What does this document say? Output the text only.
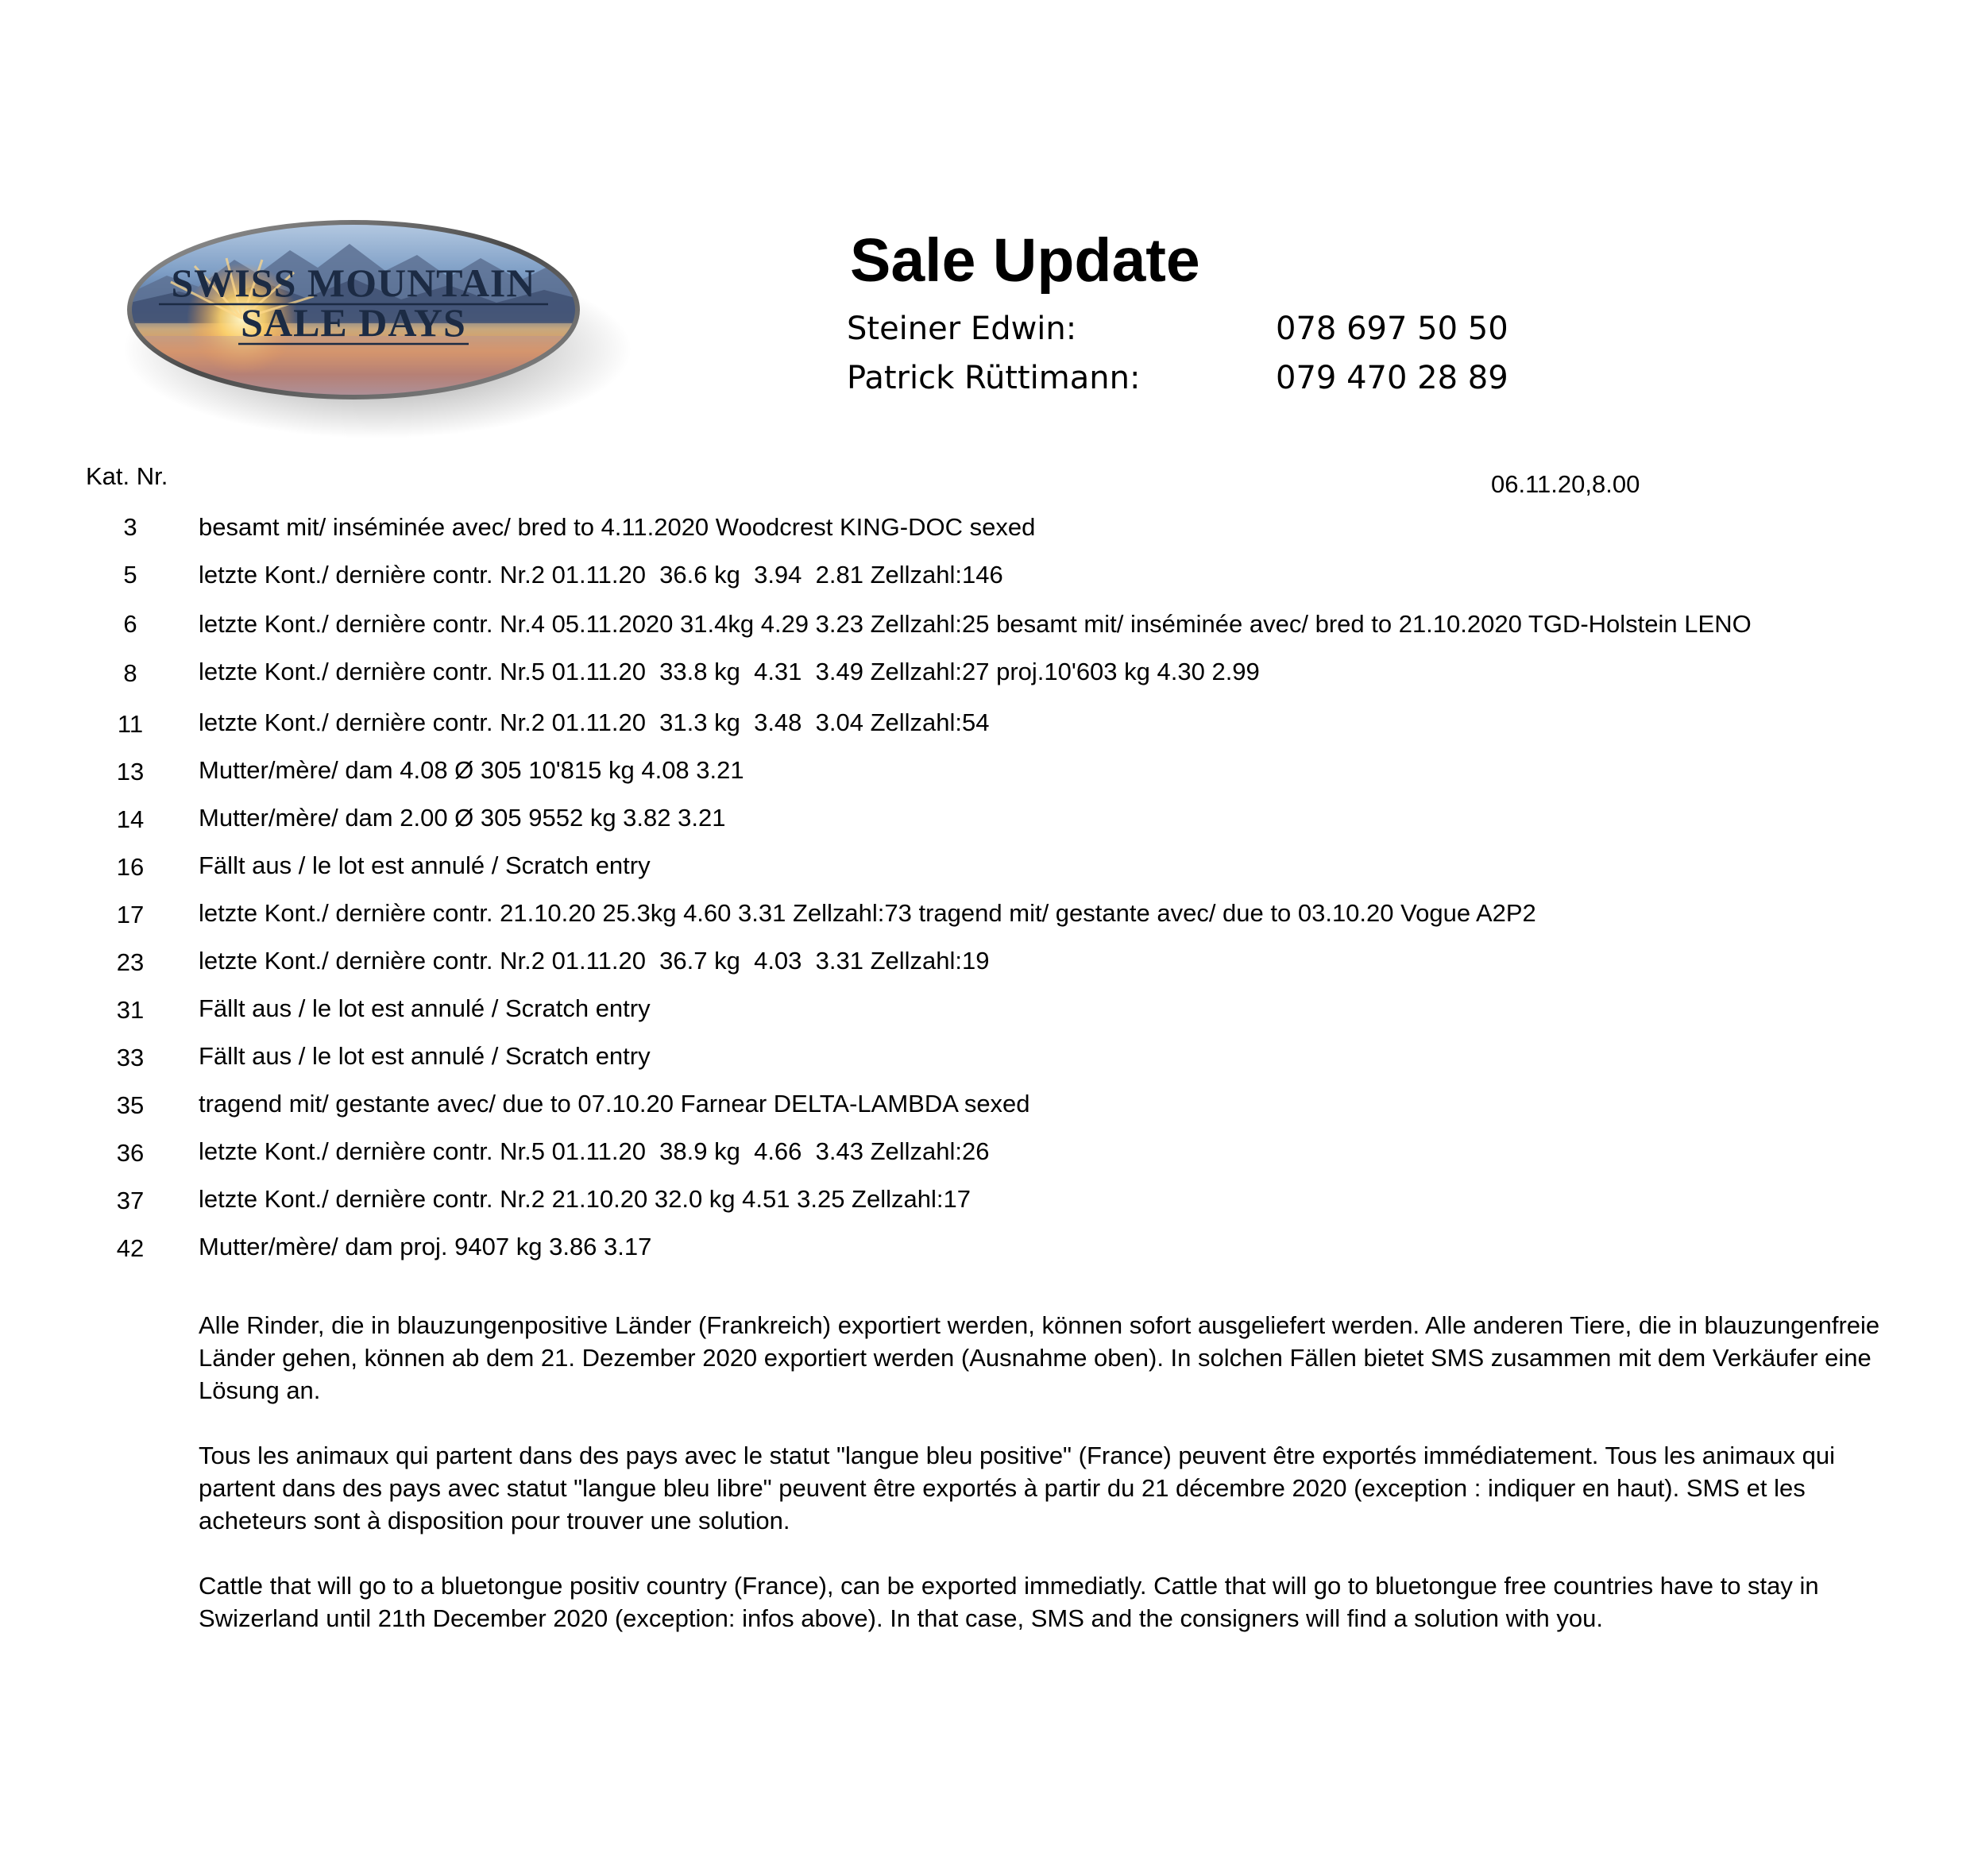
SWISS MOUNTAIN
SALE DAYS
Sale Update
Steiner Edwin:	078 697 50 50
Patrick Rüttimann:	079 470 28 89
Kat. Nr.	06.11.20,8.00
3	besamt mit/ inséminée avec/ bred to 4.11.2020 Woodcrest KING-DOC sexed
5	letzte Kont./ dernière contr. Nr.2 01.11.20  36.6 kg  3.94  2.81 Zellzahl:146
6	letzte Kont./ dernière contr. Nr.4 05.11.2020 31.4kg 4.29 3.23 Zellzahl:25 besamt mit/ inséminée avec/ bred to 21.10.2020 TGD-Holstein LENO
8	letzte Kont./ dernière contr. Nr.5 01.11.20  33.8 kg  4.31  3.49 Zellzahl:27 proj.10'603 kg 4.30 2.99
11	letzte Kont./ dernière contr. Nr.2 01.11.20  31.3 kg  3.48  3.04 Zellzahl:54
13	Mutter/mère/ dam 4.08 Ø 305 10'815 kg 4.08 3.21
14	Mutter/mère/ dam 2.00 Ø 305 9552 kg 3.82 3.21
16	Fällt aus / le lot est annulé / Scratch entry
17	letzte Kont./ dernière contr. 21.10.20 25.3kg 4.60 3.31 Zellzahl:73 tragend mit/ gestante avec/ due to 03.10.20 Vogue A2P2
23	letzte Kont./ dernière contr. Nr.2 01.11.20  36.7 kg  4.03  3.31 Zellzahl:19
31	Fällt aus / le lot est annulé / Scratch entry
33	Fällt aus / le lot est annulé / Scratch entry
35	tragend mit/ gestante avec/ due to 07.10.20 Farnear DELTA-LAMBDA sexed
36	letzte Kont./ dernière contr. Nr.5 01.11.20  38.9 kg  4.66  3.43 Zellzahl:26
37	letzte Kont./ dernière contr. Nr.2 21.10.20 32.0 kg 4.51 3.25 Zellzahl:17
42	Mutter/mère/ dam proj. 9407 kg 3.86 3.17
Alle Rinder, die in blauzungenpositive Länder (Frankreich) exportiert werden, können sofort ausgeliefert werden. Alle anderen Tiere, die in blauzungenfreie Länder gehen, können ab dem 21. Dezember 2020 exportiert werden (Ausnahme oben). In solchen Fällen bietet SMS zusammen mit dem Verkäufer eine Lösung an.
Tous les animaux qui partent dans des pays avec le statut "langue bleu positive" (France) peuvent être exportés immédiatement. Tous les animaux qui partent dans des pays avec statut "langue bleu libre" peuvent être exportés à partir du 21 décembre 2020 (exception : indiquer en haut). SMS et les acheteurs sont à disposition pour trouver une solution.
Cattle that will go to a bluetongue positiv country (France), can be exported immediatly. Cattle that will go to bluetongue free countries have to stay in Swizerland until 21th December 2020 (exception: infos above). In that case, SMS and the consigners will find a solution with you.
